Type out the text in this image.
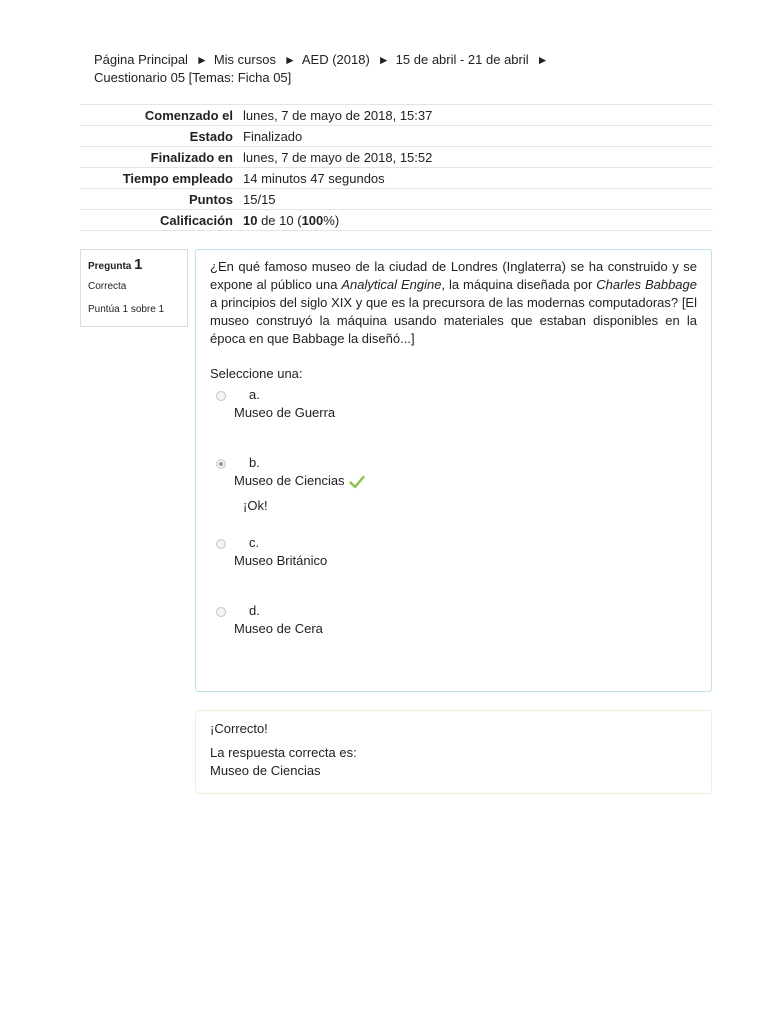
Página Principal ► Mis cursos ► AED (2018) ► 15 de abril - 21 de abril ►
Cuestionario 05 [Temas: Ficha 05]
Comenzado el	lunes, 7 de mayo de 2018, 15:37
Estado	Finalizado
Finalizado en	lunes, 7 de mayo de 2018, 15:52
Tiempo empleado	14 minutos 47 segundos
Puntos	15/15
Calificación	10 de 10 (100%)
Pregunta 1
Correcta
Puntúa 1 sobre 1
¿En qué famoso museo de la ciudad de Londres (Inglaterra) se ha construido y se expone al público una Analytical Engine, la máquina diseñada por Charles Babbage a principios del siglo XIX y que es la precursora de las modernas computadoras? [El museo construyó la máquina usando materiales que estaban disponibles en la época en que Babbage la diseñó...]
Seleccione una:
a.
Museo de Guerra
b.
Museo de Ciencias
¡Ok!
c.
Museo Británico
d.
Museo de Cera
¡Correcto!
La respuesta correcta es:
Museo de Ciencias
